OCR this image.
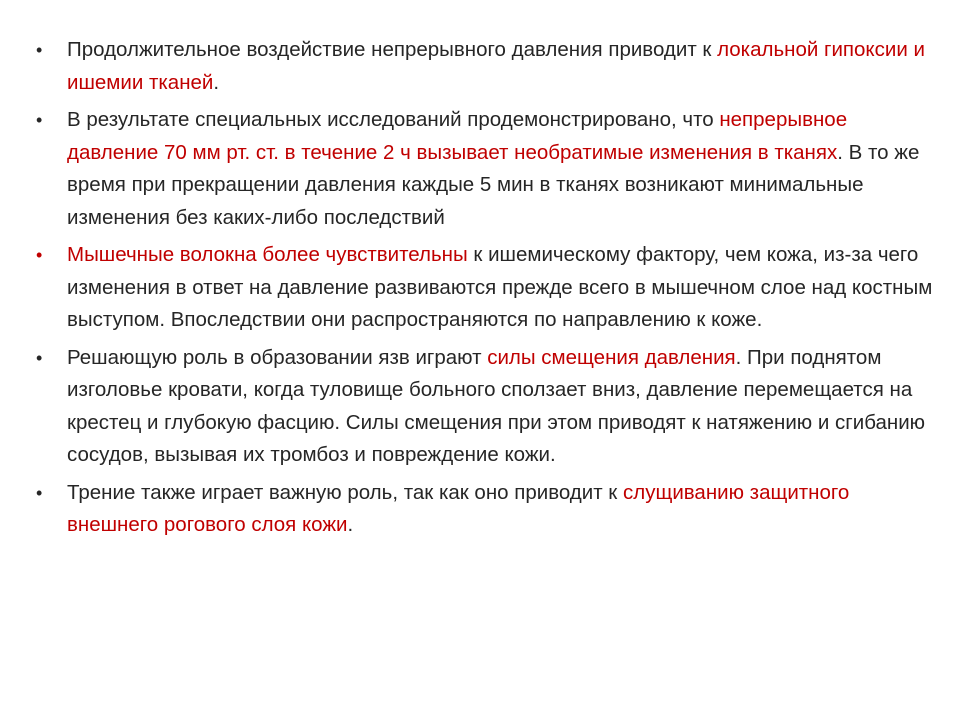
•	Продолжительное воздействие непрерывного давления приводит к локальной гипоксии и ишемии тканей.
•	В результате специальных исследований продемонстрировано, что непрерывное давление 70 мм рт. ст. в течение 2 ч вызывает необратимые изменения в тканях. В то же время при прекращении давления каждые 5 мин в тканях возникают минимальные изменения без каких-либо последствий
•	Мышечные волокна более чувствительны к ишемическому фактору, чем кожа, из-за чего изменения в ответ на давление развиваются прежде всего в мышечном слое над костным выступом. Впоследствии они распространяются по направлению к коже.
•	Решающую роль в образовании язв играют силы смещения давления. При поднятом изголовье кровати, когда туловище больного сползает вниз, давление перемещается на крестец и глубокую фасцию. Силы смещения при этом приводят к натяжению и сгибанию сосудов, вызывая их тромбоз и повреждение кожи.
•	Трение также играет важную роль, так как оно приводит к слущиванию защитного внешнего рогового слоя кожи.
